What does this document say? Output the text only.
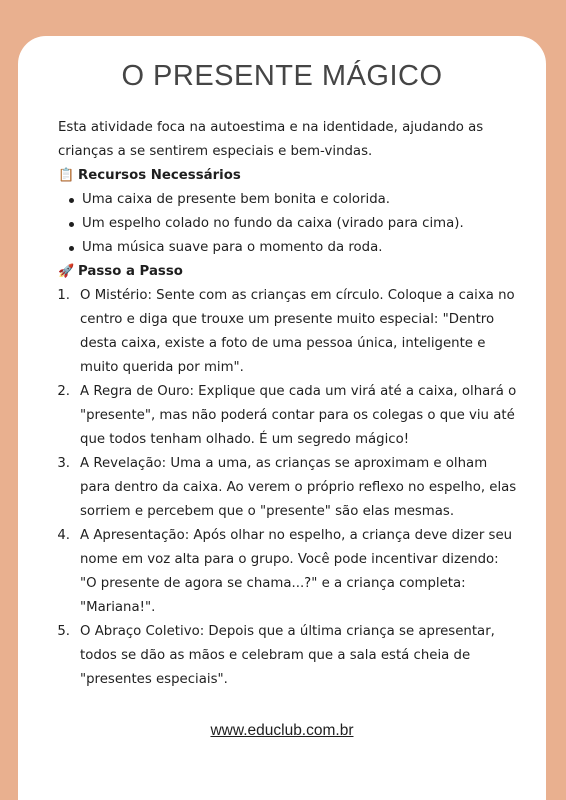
O PRESENTE MÁGICO

Esta atividade foca na autoestima e na identidade, ajudando as crianças a se sentirem especiais e bem-vindas.

📋 Recursos Necessários
Uma caixa de presente bem bonita e colorida.
Um espelho colado no fundo da caixa (virado para cima).
Uma música suave para o momento da roda.
🚀 Passo a Passo
1. O Mistério: Sente com as crianças em círculo. Coloque a caixa no centro e diga que trouxe um presente muito especial: "Dentro desta caixa, existe a foto de uma pessoa única, inteligente e muito querida por mim".
2. A Regra de Ouro: Explique que cada um virá até a caixa, olhará o "presente", mas não poderá contar para os colegas o que viu até que todos tenham olhado. É um segredo mágico!
3. A Revelação: Uma a uma, as crianças se aproximam e olham para dentro da caixa. Ao verem o próprio reflexo no espelho, elas sorriem e percebem que o "presente" são elas mesmas.
4. A Apresentação: Após olhar no espelho, a criança deve dizer seu nome em voz alta para o grupo. Você pode incentivar dizendo: "O presente de agora se chama...?" e a criança completa: "Mariana!".
5. O Abraço Coletivo: Depois que a última criança se apresentar, todos se dão as mãos e celebram que a sala está cheia de "presentes especiais".
www.educlub.com.br
